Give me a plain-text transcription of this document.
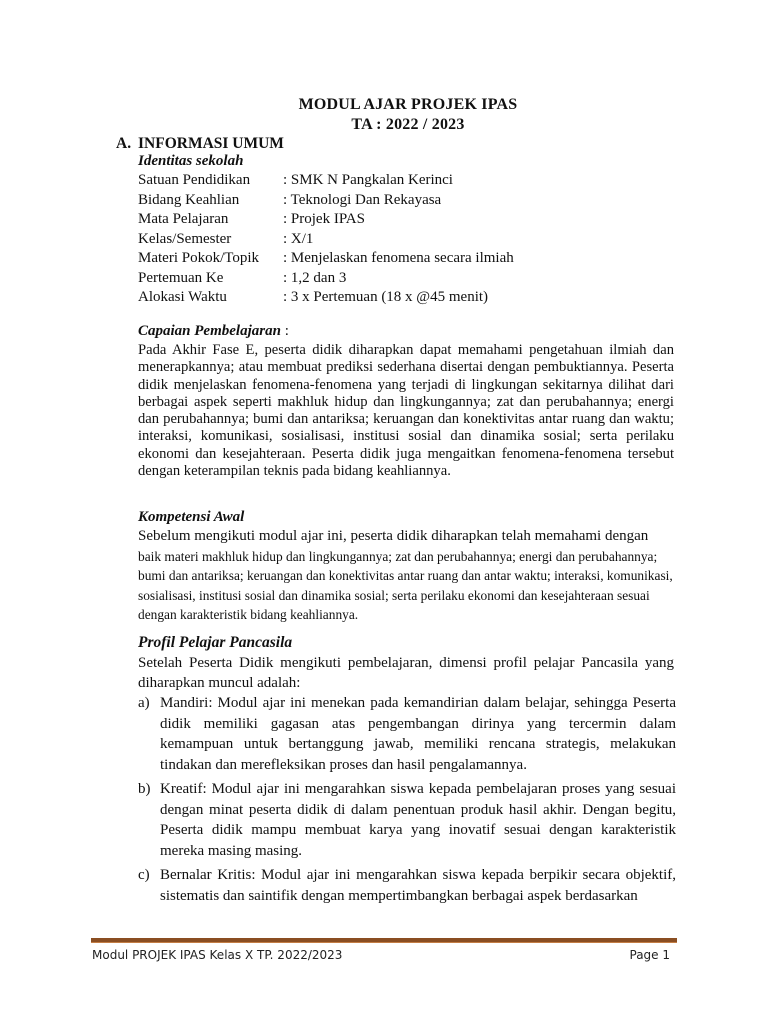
MODUL AJAR PROJEK IPAS
TA : 2022 / 2023
A. INFORMASI UMUM
Identitas sekolah
Satuan Pendidikan : SMK N Pangkalan Kerinci
Bidang Keahlian	: Teknologi Dan Rekayasa
Mata Pelajaran	: Projek IPAS
Kelas/Semester	: X/1
Materi Pokok/Topik : Menjelaskan fenomena secara ilmiah
Pertemuan Ke	: 1,2 dan 3
Alokasi Waktu	: 3 x Pertemuan (18 x @45 menit)
Capaian Pembelajaran :
Pada Akhir Fase E, peserta didik diharapkan dapat memahami pengetahuan ilmiah dan menerapkannya; atau membuat prediksi sederhana disertai dengan pembuktiannya. Peserta didik menjelaskan fenomena-fenomena yang terjadi di lingkungan sekitarnya dilihat dari berbagai aspek seperti makhluk hidup dan lingkungannya; zat dan perubahannya; energi dan perubahannya; bumi dan antariksa; keruangan dan konektivitas antar ruang dan waktu; interaksi, komunikasi, sosialisasi, institusi sosial dan dinamika sosial; serta perilaku ekonomi dan kesejahteraan. Peserta didik juga mengaitkan fenomena-fenomena tersebut dengan keterampilan teknis pada bidang keahliannya.
Kompetensi Awal
Sebelum mengikuti modul ajar ini, peserta didik diharapkan telah memahami dengan
baik materi makhluk hidup dan lingkungannya; zat dan perubahannya; energi dan perubahannya; bumi dan antariksa; keruangan dan konektivitas antar ruang dan antar waktu; interaksi, komunikasi, sosialisasi, institusi sosial dan dinamika sosial; serta perilaku ekonomi dan kesejahteraan sesuai dengan karakteristik bidang keahliannya.
Profil Pelajar Pancasila
Setelah Peserta Didik mengikuti pembelajaran, dimensi profil pelajar Pancasila yang diharapkan muncul adalah:
a) Mandiri: Modul ajar ini menekan pada kemandirian dalam belajar, sehingga Peserta didik memiliki gagasan atas pengembangan dirinya yang tercermin dalam kemampuan untuk bertanggung jawab, memiliki rencana strategis, melakukan tindakan dan merefleksikan proses dan hasil pengalamannya.
b) Kreatif: Modul ajar ini mengarahkan siswa kepada pembelajaran proses yang sesuai dengan minat peserta didik di dalam penentuan produk hasil akhir. Dengan begitu, Peserta didik mampu membuat karya yang inovatif sesuai dengan karakteristik mereka masing masing.
c) Bernalar Kritis: Modul ajar ini mengarahkan siswa kepada berpikir secara objektif, sistematis dan saintifik dengan mempertimbangkan berbagai aspek berdasarkan
Modul PROJEK IPAS Kelas X TP. 2022/2023	Page 1
